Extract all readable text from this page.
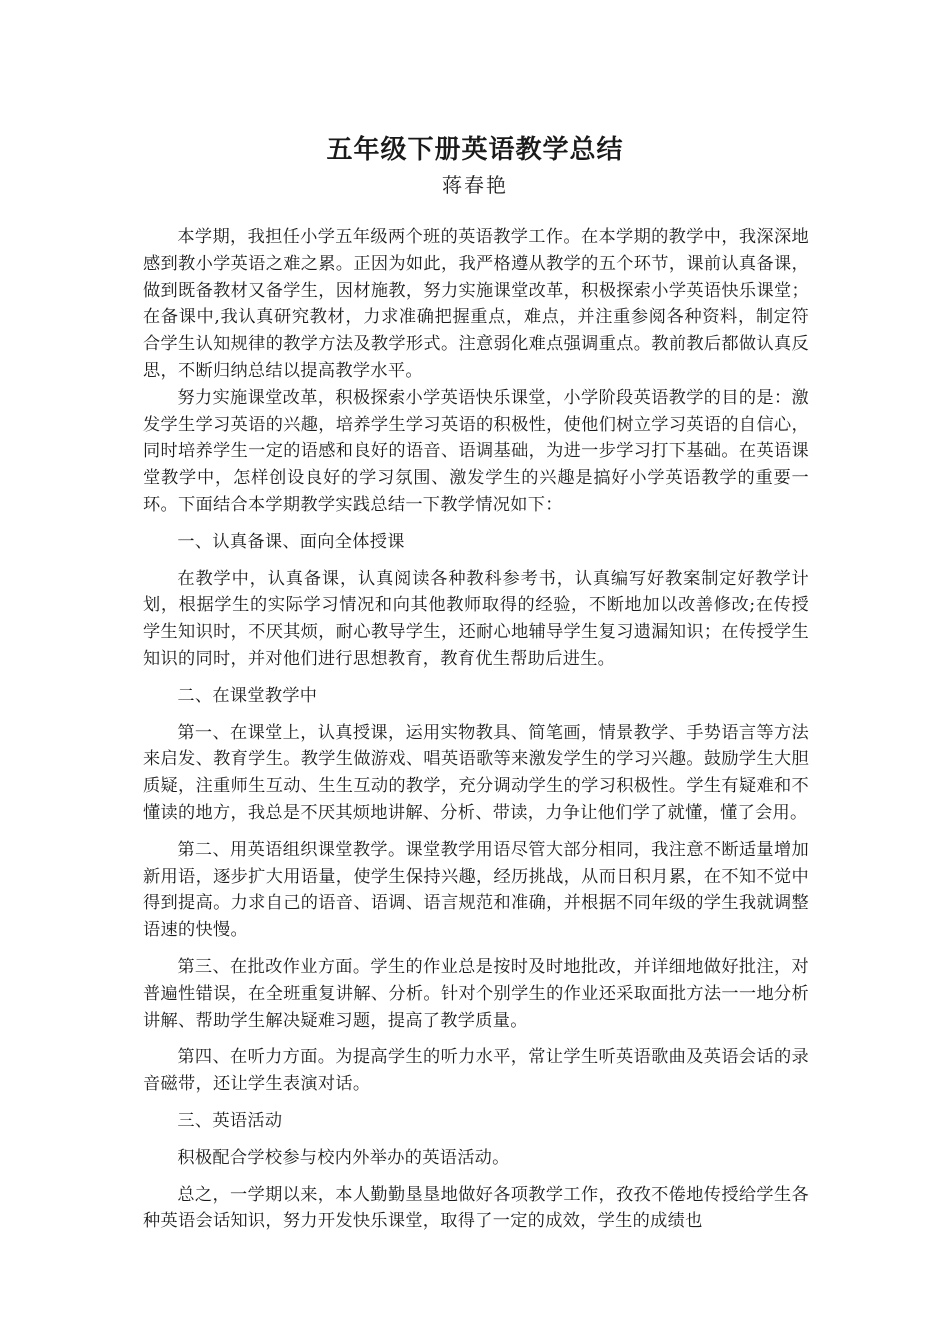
五年级下册英语教学总结
蒋春艳

本学期，我担任小学五年级两个班的英语教学工作。在本学期的教学中，我深深地感到教小学英语之难之累。正因为如此，我严格遵从教学的五个环节，课前认真备课，做到既备教材又备学生，因材施教，努力实施课堂改革，积极探索小学英语快乐课堂；在备课中,我认真研究教材，力求准确把握重点，难点，并注重参阅各种资料，制定符合学生认知规律的教学方法及教学形式。注意弱化难点强调重点。教前教后都做认真反思，不断归纳总结以提高教学水平。

努力实施课堂改革，积极探索小学英语快乐课堂，小学阶段英语教学的目的是：激发学生学习英语的兴趣，培养学生学习英语的积极性，使他们树立学习英语的自信心，同时培养学生一定的语感和良好的语音、语调基础，为进一步学习打下基础。在英语课堂教学中，怎样创设良好的学习氛围、激发学生的兴趣是搞好小学英语教学的重要一环。下面结合本学期教学实践总结一下教学情况如下：

一、认真备课、面向全体授课

在教学中，认真备课，认真阅读各种教科参考书，认真编写好教案制定好教学计划，根据学生的实际学习情况和向其他教师取得的经验，不断地加以改善修改;在传授学生知识时，不厌其烦，耐心教导学生，还耐心地辅导学生复习遗漏知识；在传授学生知识的同时，并对他们进行思想教育，教育优生帮助后进生。

二、在课堂教学中

第一、在课堂上，认真授课，运用实物教具、简笔画，情景教学、手势语言等方法来启发、教育学生。教学生做游戏、唱英语歌等来激发学生的学习兴趣。鼓励学生大胆质疑，注重师生互动、生生互动的教学，充分调动学生的学习积极性。学生有疑难和不懂读的地方，我总是不厌其烦地讲解、分析、带读，力争让他们学了就懂，懂了会用。

第二、用英语组织课堂教学。课堂教学用语尽管大部分相同，我注意不断适量增加新用语，逐步扩大用语量，使学生保持兴趣，经历挑战，从而日积月累，在不知不觉中得到提高。力求自己的语音、语调、语言规范和准确，并根据不同年级的学生我就调整语速的快慢。

第三、在批改作业方面。学生的作业总是按时及时地批改，并详细地做好批注，对普遍性错误，在全班重复讲解、分析。针对个别学生的作业还采取面批方法一一地分析讲解、帮助学生解决疑难习题，提高了教学质量。

第四、在听力方面。为提高学生的听力水平，常让学生听英语歌曲及英语会话的录音磁带，还让学生表演对话。

三、英语活动

积极配合学校参与校内外举办的英语活动。

总之，一学期以来，本人勤勤垦垦地做好各项教学工作，孜孜不倦地传授给学生各种英语会话知识，努力开发快乐课堂，取得了一定的成效，学生的成绩也
